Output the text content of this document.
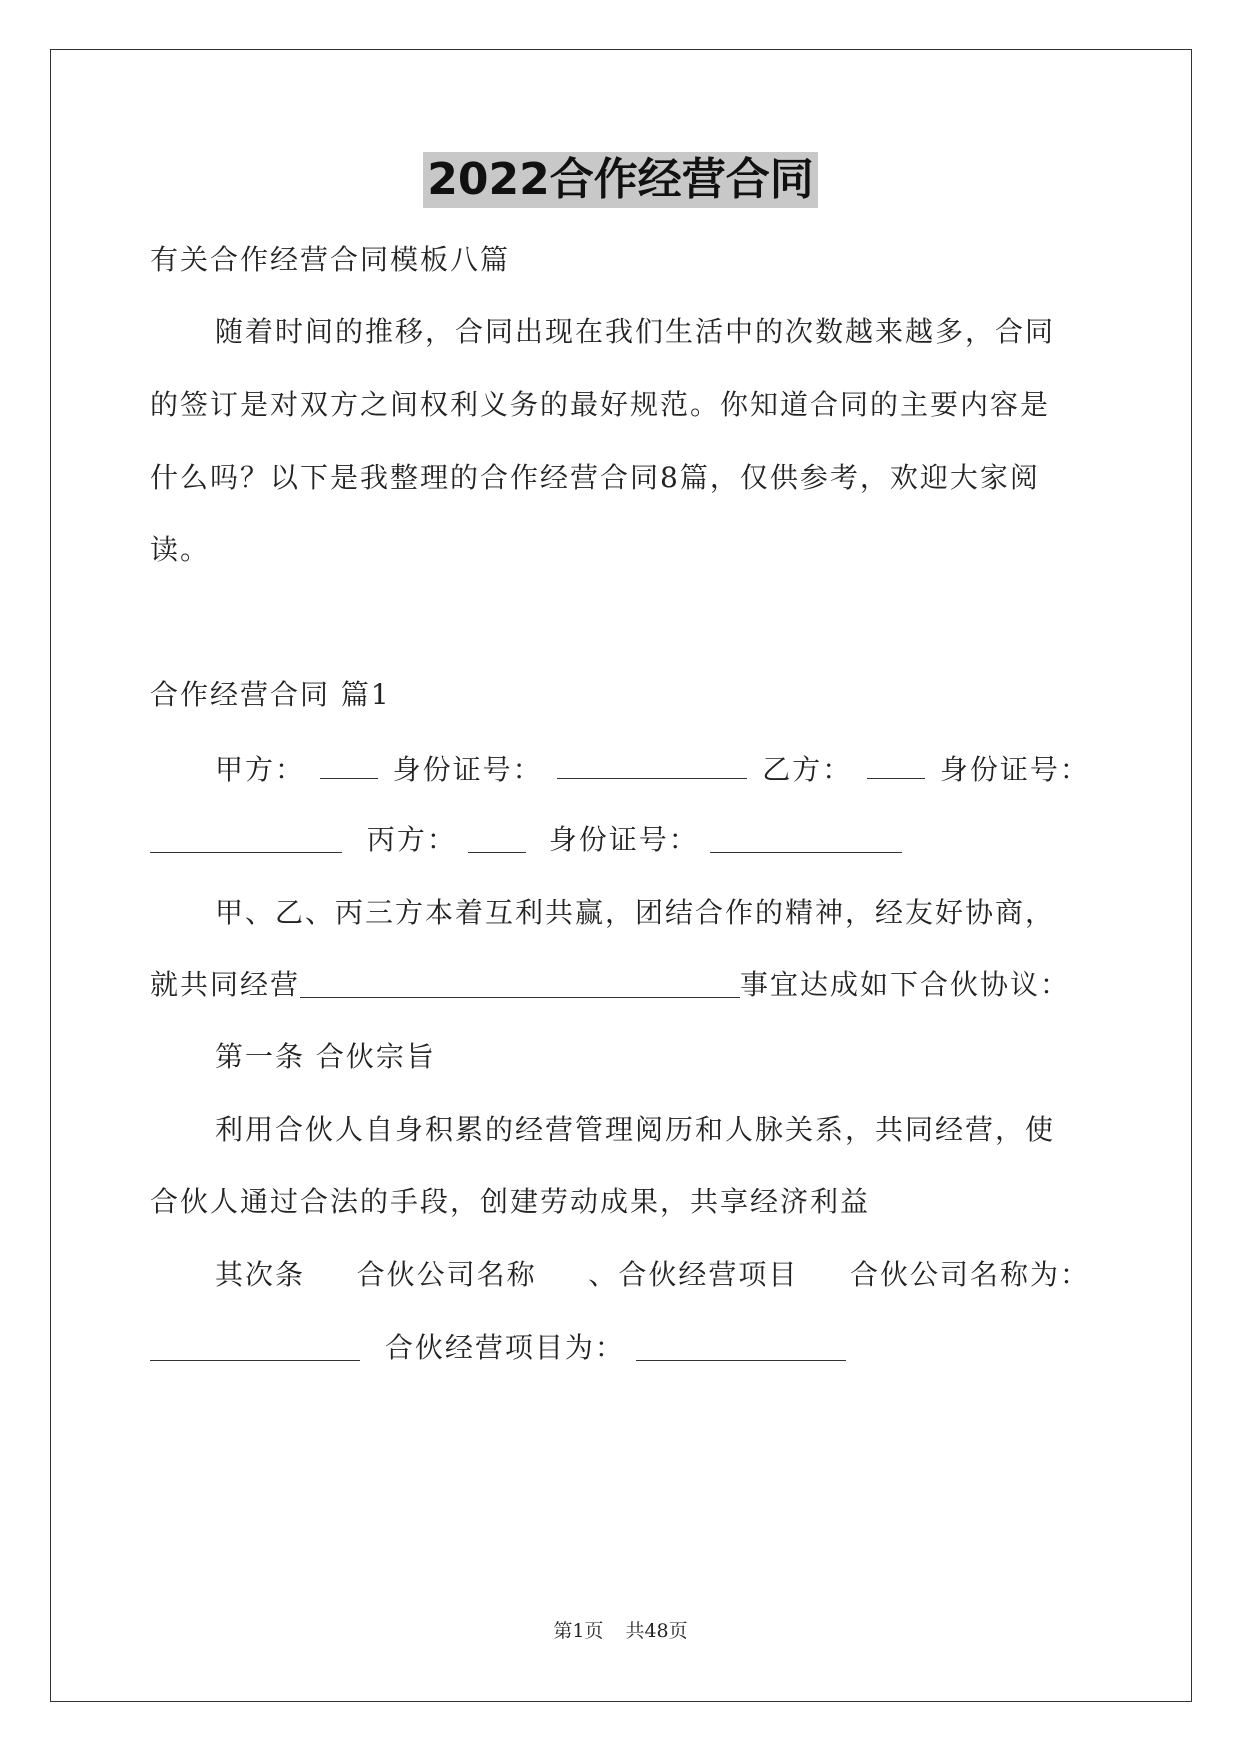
2022合作经营合同
有关合作经营合同模板八篇
随着时间的推移，合同出现在我们生活中的次数越来越多，合同
的签订是对双方之间权利义务的最好规范。你知道合同的主要内容是
什么吗？以下是我整理的合作经营合同8篇，仅供参考，欢迎大家阅
读。
合作经营合同 篇1
甲方：	身份证号：	乙方：	身份证号：
丙方：	身份证号：
甲、乙、丙三方本着互利共赢，团结合作的精神，经友好协商，
就共同经营	事宜达成如下合伙协议：
第一条 合伙宗旨
利用合伙人自身积累的经营管理阅历和人脉关系，共同经营，使
合伙人通过合法的手段，创建劳动成果，共享经济利益
其次条 合伙公司名称 、合伙经营项目 合伙公司名称为：
合伙经营项目为：
第1页 共48页
